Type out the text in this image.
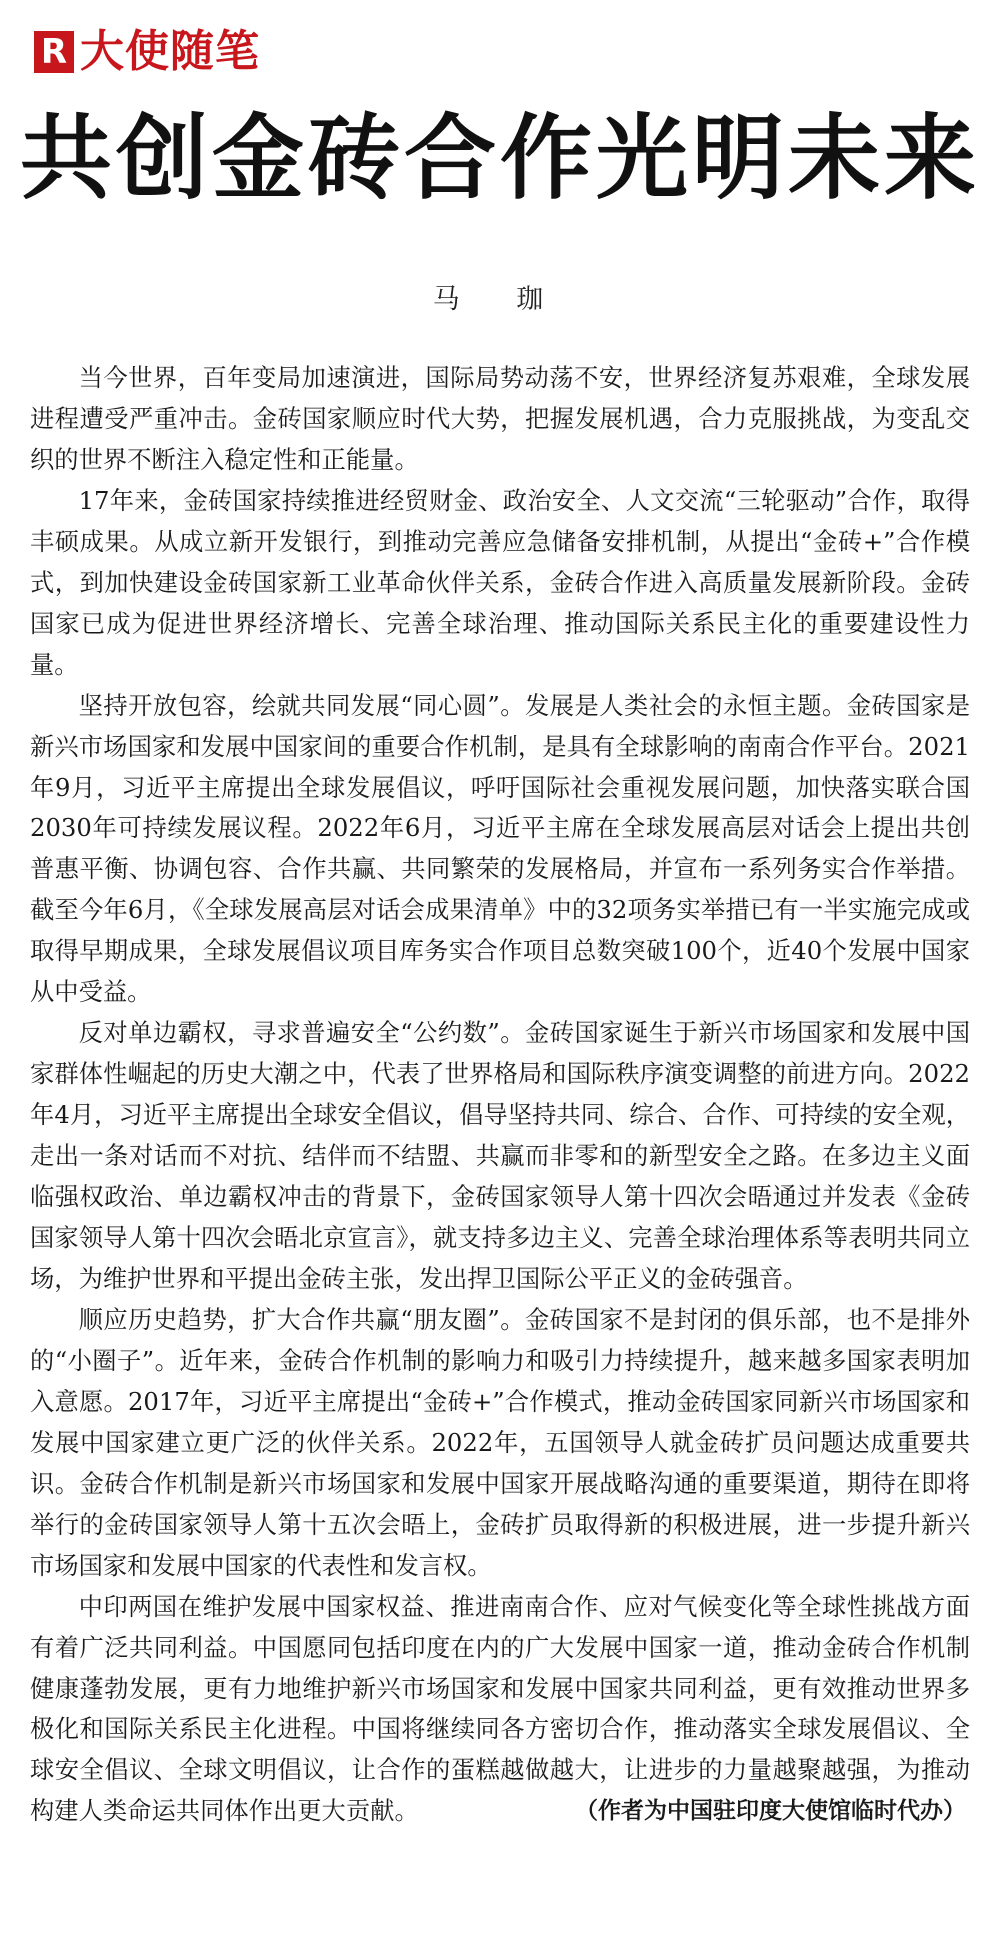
R 大使随笔
共创金砖合作光明未来
马 珈

当今世界，百年变局加速演进，国际局势动荡不安，世界经济复苏艰难，全球发展进程遭受严重冲击。金砖国家顺应时代大势，把握发展机遇，合力克服挑战，为变乱交织的世界不断注入稳定性和正能量。

17年来，金砖国家持续推进经贸财金、政治安全、人文交流“三轮驱动”合作，取得丰硕成果。从成立新开发银行，到推动完善应急储备安排机制，从提出“金砖+”合作模式，到加快建设金砖国家新工业革命伙伴关系，金砖合作进入高质量发展新阶段。金砖国家已成为促进世界经济增长、完善全球治理、推动国际关系民主化的重要建设性力量。

坚持开放包容，绘就共同发展“同心圆”。发展是人类社会的永恒主题。金砖国家是新兴市场国家和发展中国家间的重要合作机制，是具有全球影响的南南合作平台。2021年9月，习近平主席提出全球发展倡议，呼吁国际社会重视发展问题，加快落实联合国2030年可持续发展议程。2022年6月，习近平主席在全球发展高层对话会上提出共创普惠平衡、协调包容、合作共赢、共同繁荣的发展格局，并宣布一系列务实合作举措。截至今年6月，《全球发展高层对话会成果清单》中的32项务实举措已有一半实施完成或取得早期成果，全球发展倡议项目库务实合作项目总数突破100个，近40个发展中国家从中受益。

反对单边霸权，寻求普遍安全“公约数”。金砖国家诞生于新兴市场国家和发展中国家群体性崛起的历史大潮之中，代表了世界格局和国际秩序演变调整的前进方向。2022年4月，习近平主席提出全球安全倡议，倡导坚持共同、综合、合作、可持续的安全观，走出一条对话而不对抗、结伴而不结盟、共赢而非零和的新型安全之路。在多边主义面临强权政治、单边霸权冲击的背景下，金砖国家领导人第十四次会晤通过并发表《金砖国家领导人第十四次会晤北京宣言》，就支持多边主义、完善全球治理体系等表明共同立场，为维护世界和平提出金砖主张，发出捍卫国际公平正义的金砖强音。

顺应历史趋势，扩大合作共赢“朋友圈”。金砖国家不是封闭的俱乐部，也不是排外的“小圈子”。近年来，金砖合作机制的影响力和吸引力持续提升，越来越多国家表明加入意愿。2017年，习近平主席提出“金砖+”合作模式，推动金砖国家同新兴市场国家和发展中国家建立更广泛的伙伴关系。2022年，五国领导人就金砖扩员问题达成重要共识。金砖合作机制是新兴市场国家和发展中国家开展战略沟通的重要渠道，期待在即将举行的金砖国家领导人第十五次会晤上，金砖扩员取得新的积极进展，进一步提升新兴市场国家和发展中国家的代表性和发言权。

中印两国在维护发展中国家权益、推进南南合作、应对气候变化等全球性挑战方面有着广泛共同利益。中国愿同包括印度在内的广大发展中国家一道，推动金砖合作机制健康蓬勃发展，更有力地维护新兴市场国家和发展中国家共同利益，更有效推动世界多极化和国际关系民主化进程。中国将继续同各方密切合作，推动落实全球发展倡议、全球安全倡议、全球文明倡议，让合作的蛋糕越做越大，让进步的力量越聚越强，为推动构建人类命运共同体作出更大贡献。	（作者为中国驻印度大使馆临时代办）
